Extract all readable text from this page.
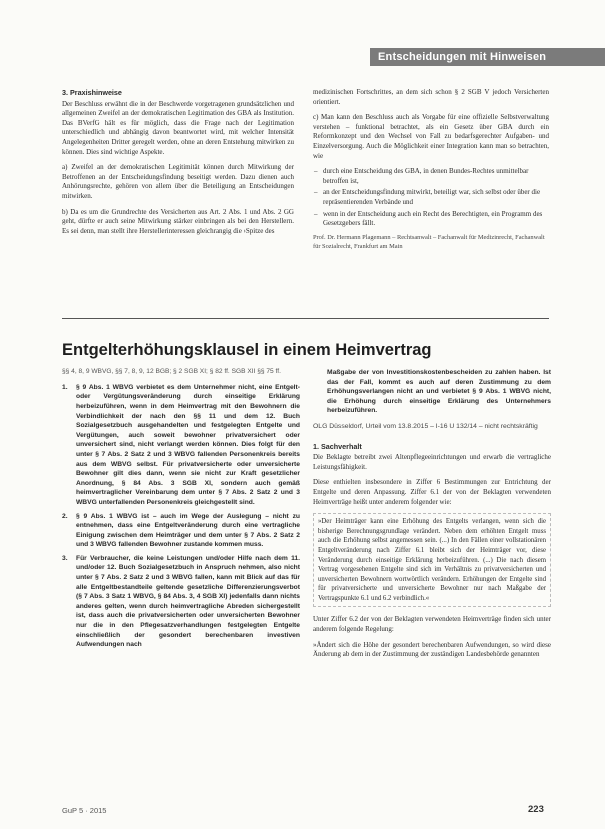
Entscheidungen mit Hinweisen
3. Praxishinweise

Der Beschluss erwähnt die in der Beschwerde vorgetragenen grundsätzlichen und allgemeinen Zweifel an der demokratischen Legitimation des GBA als Institution. Das BVerfG hält es für möglich, dass die Frage nach der Legitimation unterschiedlich und abhängig davon beantwortet wird, mit welcher Intensität Angelegenheiten Dritter geregelt werden, ohne an deren Entstehung mitwirken zu können. Dies sind wichtige Aspekte.

a) Zweifel an der demokratischen Legitimität können durch Mitwirkung der Betroffenen an der Entscheidungsfindung beseitigt werden. Dazu dienen auch Anhörungsrechte, gehören von allem über die Beteiligung an Entscheidungen mitwirken.

b) Da es um die Grundrechte des Versicherten aus Art. 2 Abs. 1 und Abs. 2 GG geht, dürfte er auch seine Mitwirkung stärker einbringen als bei den Herstellern. Es sei denn, man stellt ihre Herstellerinteressen gleichrangig die ›Spitze des

medizinischen Fortschrittes, an dem sich schon § 2 SGB V jedoch Versicherten orientiert.

c) Man kann den Beschluss auch als Vorgabe für eine offizielle Selbstverwaltung verstehen – funktional betrachtet, als ein Gesetz über GBA durch ein Reformkonzept und den Wechsel von Fall zu bedarfsgerechter Aufgaben- und Einzelversorgung. Auch die Möglichkeit einer Integration kann man so betrachten, wie

– durch eine Entscheidung des GBA, in denen Bundes-Rechtes unmittelbar betroffen ist,
– an der Entscheidungsfindung mitwirkt, beteiligt war, sich selbst oder über die repräsentierenden Verbände und
– wenn in der Entscheidung auch ein Recht des Berechtigten, ein Programm des Gesetzgebers fällt.
Prof. Dr. Hermann Plagemann – Rechtsanwalt – Fachanwalt für Medizinrecht, Fachanwalt für Sozialrecht, Frankfurt am Main
Entgelterhöhungsklausel in einem Heimvertrag
§§ 4, 8, 9 WBVG, §§ 7, 8, 9, 12 BGB; § 2 SGB XI; § 82 ff. SGB XII §§ 75 ff.
1. § 9 Abs. 1 WBVG verbietet es dem Unternehmer nicht, eine Entgelt- oder Vergütungsveränderung durch einseitige Erklärung herbeizuführen, wenn in dem Heimvertrag mit den Bewohnern die Verbindlichkeit der nach den §§ 11 und dem 12. Buch Sozialgesetzbuch ausgehandelten und festgelegten Entgelte und Vergütungen, auch soweit bewohner privatversichert oder unversichert sind, nicht verlangt werden können. Dies folgt für den unter § 7 Abs. 2 Satz 2 und 3 WBVG fallenden Personenkreis bereits aus dem WBVG selbst. Für privatversicherte oder unversicherte Bewohner gilt dies dann, wenn sie nicht zur Kraft gesetzlicher Anordnung, § 84 Abs. 3 SGB XI, sondern auch gemäß heimvertraglicher Vereinbarung dem unter § 7 Abs. 2 Satz 2 und 3 WBVG unterfallenden Personenkreis gleichgestellt sind.
2. § 9 Abs. 1 WBVG ist – auch im Wege der Auslegung – nicht zu entnehmen, dass eine Entgeltveränderung durch eine vertragliche Einigung zwischen dem Heimträger und dem unter § 7 Abs. 2 Satz 2 und 3 WBVG fallenden Bewohner zustande kommen muss.
3. Für Verbraucher, die keine Leistungen und/oder Hilfe nach dem 11. und/oder 12. Buch Sozialgesetzbuch in Anspruch nehmen, also nicht unter § 7 Abs. 2 Satz 2 und 3 WBVG fallen, kann mit Blick auf das für alle Entgeltbestandteile geltende gesetzliche Differenzierungsverbot (§ 7 Abs. 3 Satz 1 WBVG, § 84 Abs. 3, 4 SGB XI) jedenfalls dann nichts anderes gelten, wenn durch heimvertragliche Abreden sichergestellt ist, dass auch die privatversicherten oder unversicherten Bewohner nur die in den Pflegesatzverhandlungen festgelegten Entgelte einschließlich der gesondert berechenbaren investiven Aufwendungen nach
Maßgabe der von Investitionskostenbescheiden zu zahlen haben. Ist das der Fall, kommt es auch auf deren Zustimmung zu dem Erhöhungsverlangen nicht an und verbietet § 9 Abs. 1 WBVG nicht, die Erhöhung durch einseitige Erklärung des Unternehmers herbeizuführen.
OLG Düsseldorf, Urteil vom 13.8.2015 – I-16 U 132/14 – nicht rechtskräftig
1. Sachverhalt

Die Beklagte betreibt zwei Altenpflegeeinrichtungen und erwarb die vertragliche Leistungsfähigkeit.

Diese enthielten insbesondere in Ziffer 6 Bestimmungen zur Entrichtung der Entgelte und deren Anpassung. Ziffer 6.1 der von der Beklagten verwendeten Heimverträge heißt unter anderem folgender wie:

»Der Heimträger kann eine Erhöhung des Entgelts verlangen, wenn sich die bisherige Berechnungsgrundlage verändert. Neben dem erhöhten Entgelt muss auch die Erhöhung selbst angemessen sein. (...) In den Fällen einer vollstationären Entgeltveränderung nach Ziffer 6.1 bleibt sich der Heimträger vor, diese Veränderung durch einseitige Erklärung herbeizuführen. (...) Die nach diesem Vertrag vorgesehenen Entgelte sind sich im Verhältnis zu privatversicherten und unversicherten Bewohnern wortwörtlich verändern. Erhöhungen der Entgelte sind für privatversicherte und unversicherte Bewohner nur nach Maßgabe der Vertragspunkte 6.1 und 6.2 verbindlich.«

Unter Ziffer 6.2 der von der Beklagten verwendeten Heimverträge finden sich unter anderem folgende Regelung:

»Ändert sich die Höhe der gesondert berechenbaren Aufwendungen, so wird diese Änderung ab dem in der Zustimmung der zuständigen Landesbehörde genannten

GuP 5 · 2015	223
